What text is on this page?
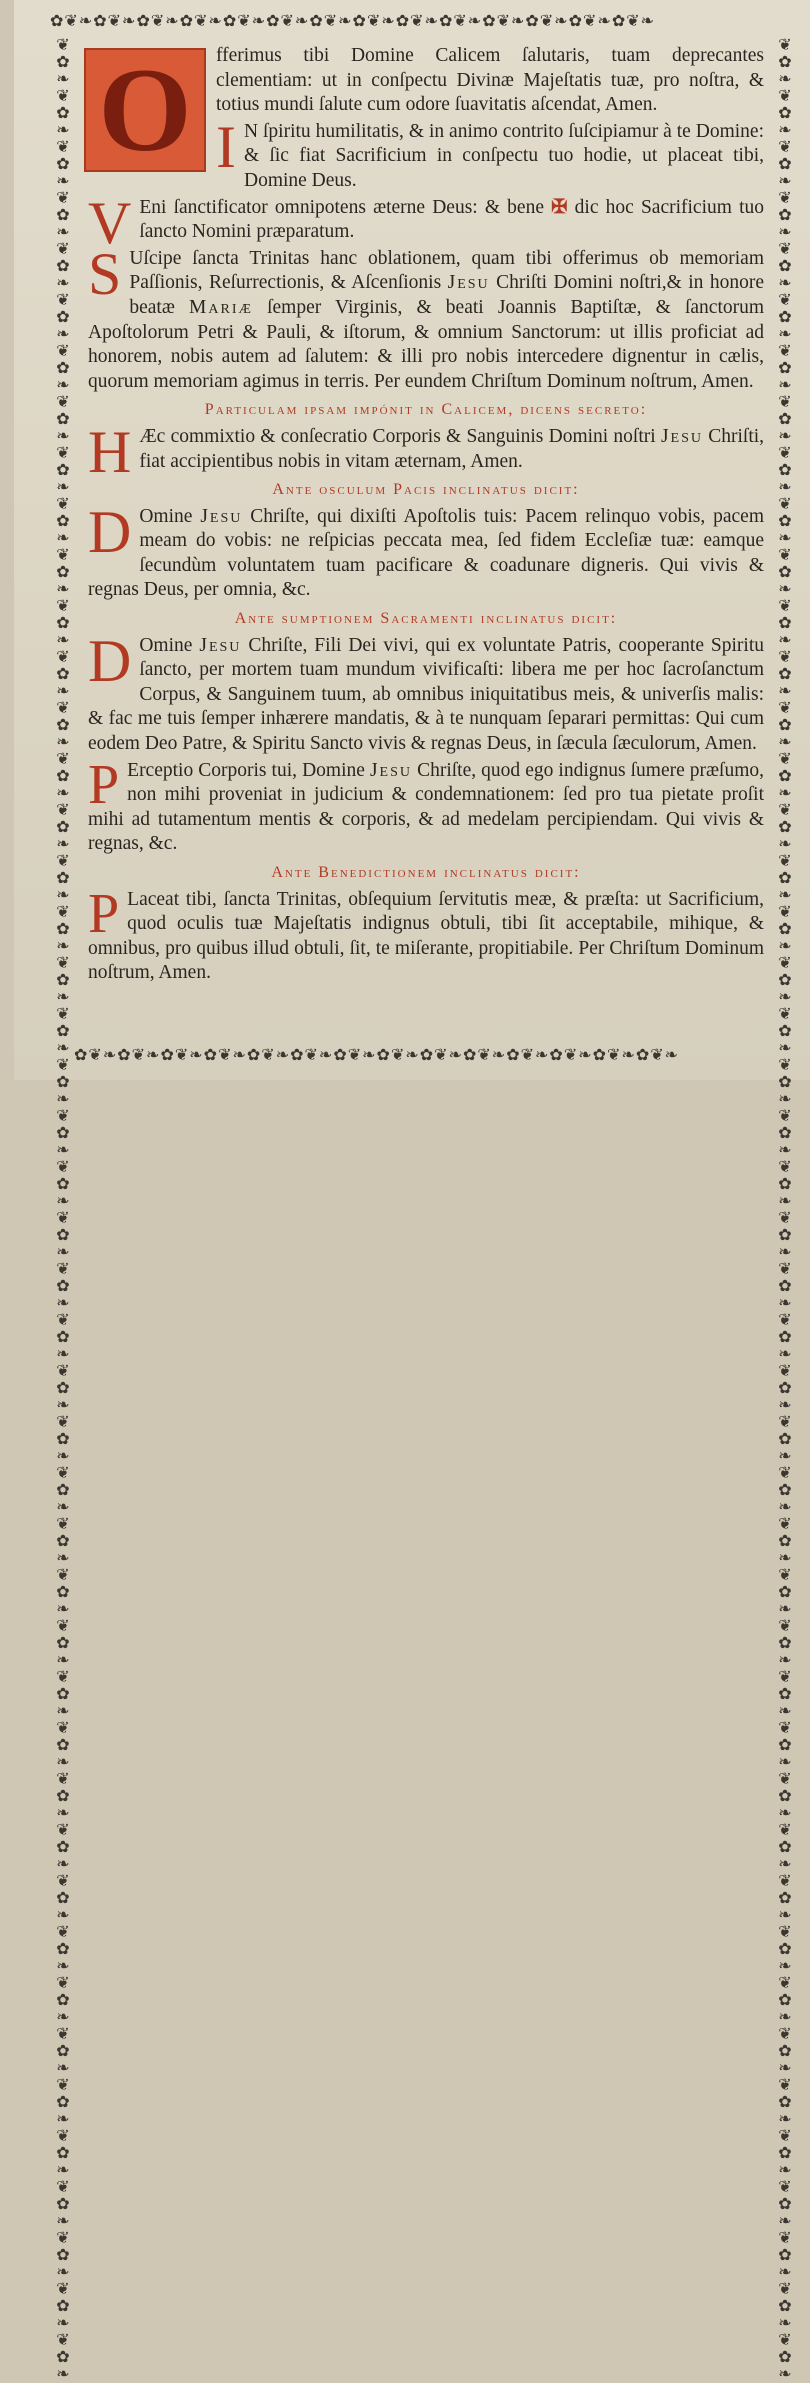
✿❦❧✿❦❧✿❦❧✿❦❧✿❦❧✿❦❧✿❦❧✿❦❧✿❦❧✿❦❧✿❦❧✿❦❧✿❦❧✿❦❧
✿❦❧✿❦❧✿❦❧✿❦❧✿❦❧✿❦❧✿❦❧✿❦❧✿❦❧✿❦❧✿❦❧✿❦❧✿❦❧✿❦❧
❦✿❧❦✿❧❦✿❧❦✿❧❦✿❧❦✿❧❦✿❧❦✿❧❦✿❧❦✿❧❦✿❧❦✿❧❦✿❧❦✿❧❦✿❧❦✿❧❦✿❧❦✿❧❦✿❧❦✿❧❦✿❧❦✿❧❦✿❧❦✿❧❦✿❧❦✿❧❦✿❧❦✿❧❦✿❧❦✿❧❦✿❧❦✿❧❦✿❧❦✿❧❦✿❧❦✿❧❦✿❧❦✿❧❦✿❧❦✿❧❦✿❧❦✿❧❦✿❧❦✿❧❦✿❧❦✿❧
❦✿❧❦✿❧❦✿❧❦✿❧❦✿❧❦✿❧❦✿❧❦✿❧❦✿❧❦✿❧❦✿❧❦✿❧❦✿❧❦✿❧❦✿❧❦✿❧❦✿❧❦✿❧❦✿❧❦✿❧❦✿❧❦✿❧❦✿❧❦✿❧❦✿❧❦✿❧❦✿❧❦✿❧❦✿❧❦✿❧❦✿❧❦✿❧❦✿❧❦✿❧❦✿❧❦✿❧❦✿❧❦✿❧❦✿❧❦✿❧❦✿❧❦✿❧❦✿❧❦✿❧❦✿❧❦✿❧

O	fferimus tibi Domine Calicem ſalutaris, tuam deprecantes clementiam: ut in conſpectu Divinæ Majeſtatis tuæ, pro noſtra, & totius mundi ſalute cum odore ſuavitatis aſcendat, Amen.

I N ſpiritu humilitatis, & in animo contrito ſuſcipiamur à te Domine: & ſic fiat Sacrificium in conſpectu tuo hodie, ut placeat tibi, Domine Deus.

V Eni ſanctificator omnipotens æterne Deus: & bene ✠ dic hoc Sacrificium tuo ſancto Nomini præparatum.

S Uſcipe ſancta Trinitas hanc oblationem, quam tibi offerimus ob memoriam Paſſionis, Reſurrectionis, & Aſcenſionis Jesu Chriſti Domini noſtri,& in honore beatæ Mariæ ſemper Virginis, & beati Joannis Baptiſtæ, & ſanctorum Apoſtolorum Petri & Pauli, & iſtorum, & omnium Sanctorum: ut illis proficiat ad honorem, nobis autem ad ſalutem: & illi pro nobis intercedere dignentur in cælis, quorum memoriam agimus in terris. Per eundem Chriſtum Dominum noſtrum, Amen.

Particulam ipsam impónit in Calicem, dicens secreto:

H Æc commixtio & conſecratio Corporis & Sanguinis Domini noſtri Jesu Chriſti, fiat accipientibus nobis in vitam æternam, Amen.

Ante osculum Pacis inclinatus dicit:

D Omine Jesu Chriſte, qui dixiſti Apoſtolis tuis: Pacem relinquo vobis, pacem meam do vobis: ne reſpicias peccata mea, ſed fidem Eccleſiæ tuæ: eamque ſecundùm voluntatem tuam pacificare & coadunare digneris. Qui vivis & regnas Deus, per omnia, &c.

Ante sumptionem Sacramenti inclinatus dicit:

D Omine Jesu Chriſte, Fili Dei vivi, qui ex voluntate Patris, cooperante Spiritu ſancto, per mortem tuam mundum vivificaſti: libera me per hoc ſacroſanctum Corpus, & Sanguinem tuum, ab omnibus iniquitatibus meis, & univerſis malis: & fac me tuis ſemper inhærere mandatis, & à te nunquam ſeparari permittas: Qui cum eodem Deo Patre, & Spiritu Sancto vivis & regnas Deus, in ſæcula ſæculorum, Amen.

P Erceptio Corporis tui, Domine Jesu Chriſte, quod ego indignus ſumere præſumo, non mihi proveniat in judicium & condemnationem: ſed pro tua pietate proſit mihi ad tutamentum mentis & corporis, & ad medelam percipiendam. Qui vivis & regnas, &c.

Ante Benedictionem inclinatus dicit:

P Laceat tibi, ſancta Trinitas, obſequium ſervitutis meæ, & præſta: ut Sacrificium, quod oculis tuæ Majeſtatis indignus obtuli, tibi ſit acceptabile, mihique, & omnibus, pro quibus illud obtuli, ſit, te miſerante, propitiabile. Per Chriſtum Dominum noſtrum, Amen.
